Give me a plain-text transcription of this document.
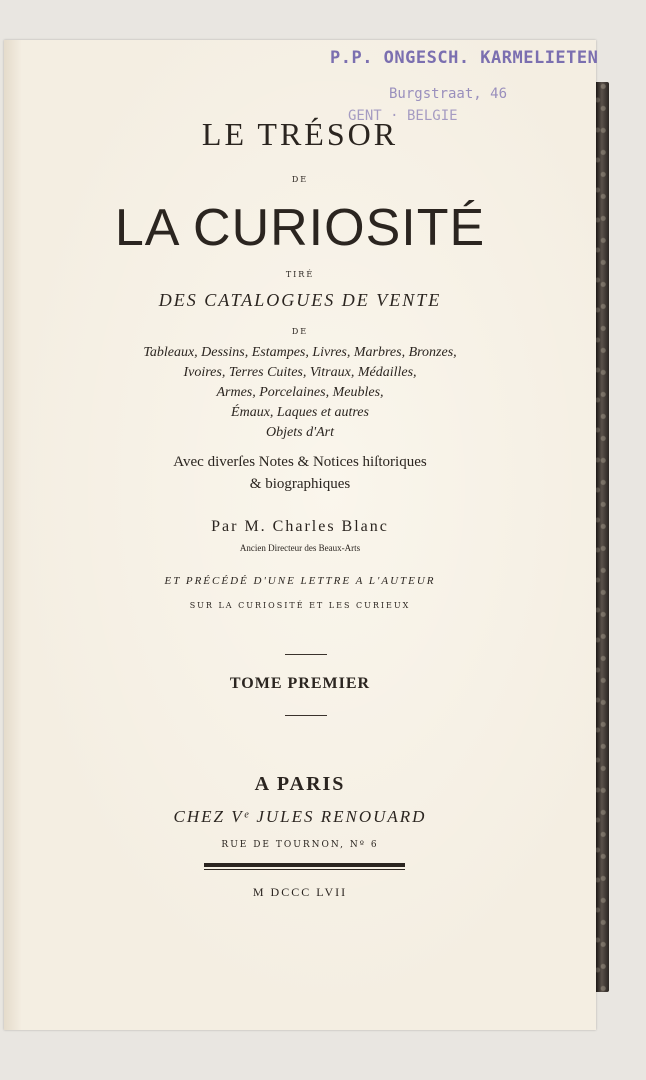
P.P. ONGESCH. KARMELIETEN
Burgstraat, 46
GENT · BELGIE
LE TRÉSOR
DE
LA CURIOSITÉ
TIRÉ
DES CATALOGUES DE VENTE
DE
Tableaux, Dessins, Estampes, Livres, Marbres, Bronzes,
Ivoires, Terres Cuites, Vitraux, Médailles,
Armes, Porcelaines, Meubles,
Émaux, Laques et autres
Objets d'Art
Avec diverſes Notes & Notices hiſtoriques
& biographiques
Par M. Charles Blanc
Ancien Directeur des Beaux-Arts
ET PRÉCÉDÉ D'UNE LETTRE A L'AUTEUR
SUR LA CURIOSITÉ ET LES CURIEUX
TOME PREMIER
A PARIS
CHEZ Vᵉ JULES RENOUARD
RUE DE TOURNON, Nº 6
M DCCC LVII
